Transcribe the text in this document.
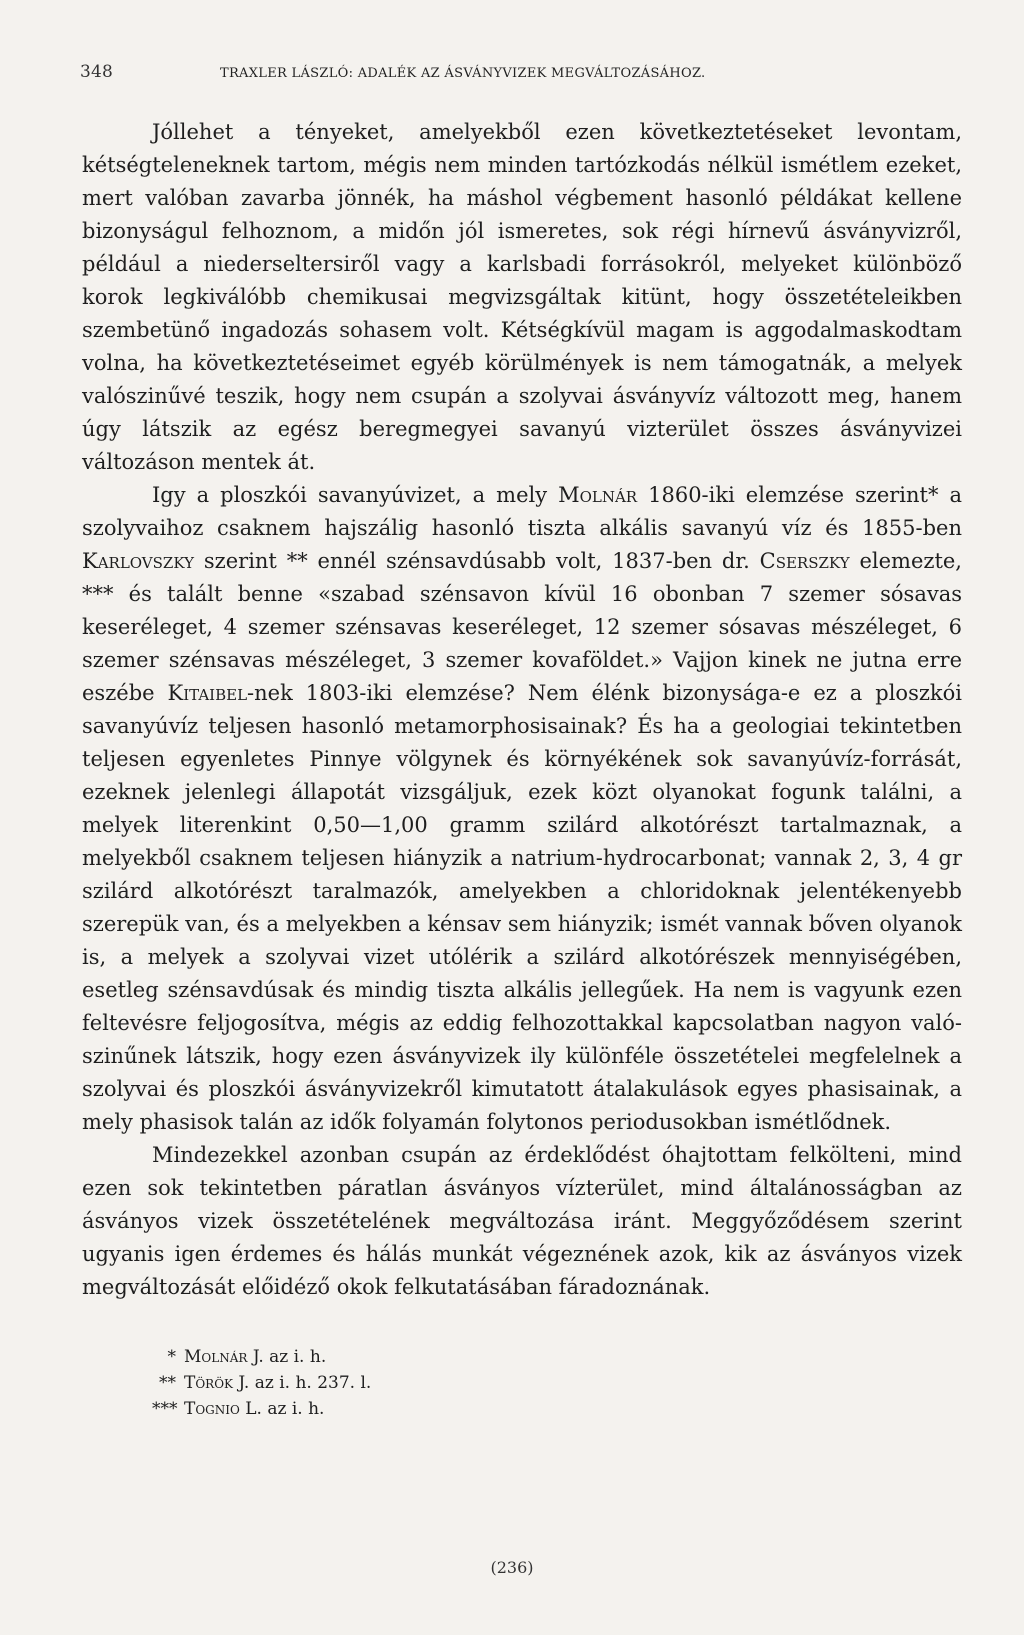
348	TRAXLER LÁSZLÓ: ADALÉK AZ ÁSVÁNYVIZEK MEGVÁLTOZÁSÁHOZ.

Jóllehet a tényeket, amelyekből ezen következtetéseket levontam, kétségteleneknek tartom, mégis nem minden tartózkodás nélkül ismétlem ezeket, mert valóban zavarba jönnék, ha máshol végbement hasonló példákat kellene bizonyságul felhoznom, a midőn jól ismeretes, sok régi hírnevű ásványvizről, például a niederseltersiről vagy a karlsbadi forrásokról, melyeket különböző korok legkiválóbb chemikusai megvizsgáltak kitünt, hogy összetételeikben szembetünő ingadozás sohasem volt. Kétségkívül magam is aggodalmaskodtam volna, ha következtetéseimet egyéb körülmények is nem támogatnák, a melyek valószinűvé teszik, hogy nem csupán a szolyvai ásványvíz változott meg, hanem úgy látszik az egész beregmegyei savanyú vizterület összes ásványvizei változáson mentek át.

Igy a ploszkói savanyúvizet, a mely Molnár 1860-iki elemzése szerint* a szolyvaihoz csaknem hajszálig hasonló tiszta alkális savanyú víz és 1855-ben Karlovszky szerint ** ennél szénsavdúsabb volt, 1837-ben dr. Cserszky elemezte, *** és talált benne «szabad szénsavon kívül 16 obonban 7 szemer sósavas keseréleget, 4 szemer szénsavas keseréleget, 12 szemer sósavas mészéleget, 6 szemer szénsavas mészéleget, 3 szemer kovaföldet.» Vajjon kinek ne jutna erre eszébe Kitaibel-nek 1803-iki elemzése? Nem élénk bizonysága-e ez a ploszkói savanyúvíz teljesen hasonló metamorphosisainak? És ha a geologiai tekintetben teljesen egyenletes Pinnye völgynek és környékének sok savanyúvíz-forrását, ezeknek jelenlegi állapotát vizsgáljuk, ezek közt olyanokat fogunk találni, a melyek literenkint 0,50—1,00 gramm szilárd alkotórészt tartalmaznak, a melyekből csaknem teljesen hiányzik a natrium-hydrocarbonat; vannak 2, 3, 4 gr szilárd alkotórészt taralmazók, amelyekben a chloridoknak jelentékenyebb szerepük van, és a melyekben a kénsav sem hiányzik; ismét vannak bőven olyanok is, a melyek a szolyvai vizet utólérik a szilárd alkotórészek mennyiségében, esetleg szénsavdúsak és mindig tiszta alkális jellegűek. Ha nem is vagyunk ezen feltevésre feljogosítva, mégis az eddig felhozottakkal kapcsolatban nagyon valószinűnek látszik, hogy ezen ásványvizek ily különféle összetételei megfelelnek a szolyvai és ploszkói ásványvizekről kimutatott átalakulások egyes phasisainak, a mely phasisok talán az idők folyamán folytonos periodusokban ismétlődnek.

Mindezekkel azonban csupán az érdeklődést óhajtottam felkölteni, mind ezen sok tekintetben páratlan ásványos vízterület, mind általánosságban az ásványos vizek összetételének megváltozása iránt. Meggyőződésem szerint ugyanis igen érdemes és hálás munkát végeznének azok, kik az ásványos vizek megváltozását előidéző okok felkutatásában fáradoznának.

* Molnár J. az i. h.
** Török J. az i. h. 237. l.
*** Tognio L. az i. h.
(236)
